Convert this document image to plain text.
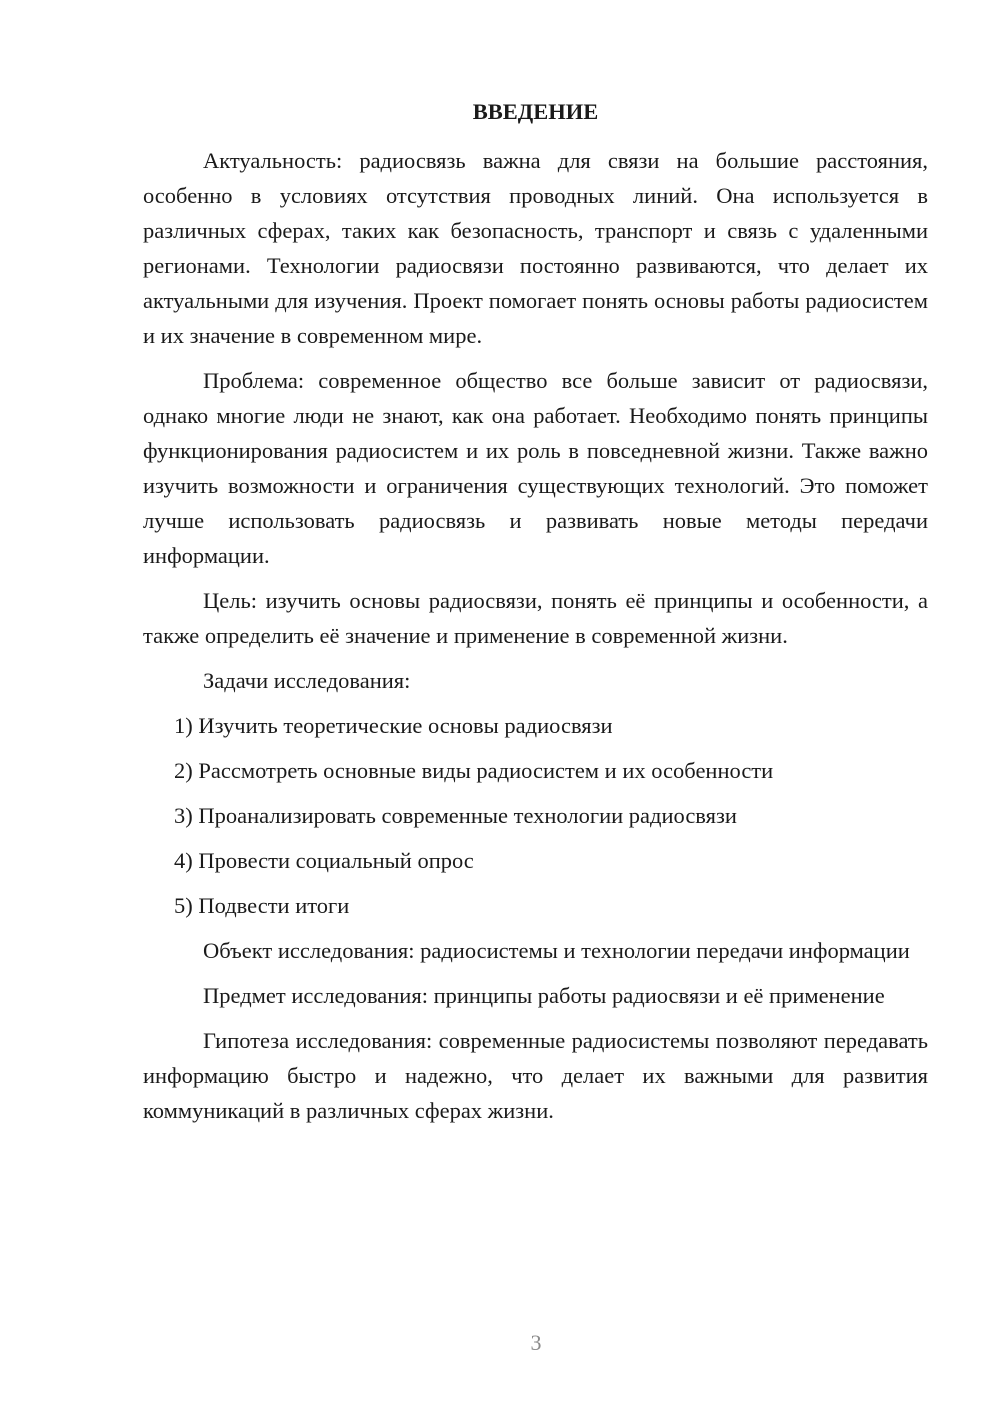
ВВЕДЕНИЕ

Актуальность: радиосвязь важна для связи на большие расстояния, особенно в условиях отсутствия проводных линий. Она используется в различных сферах, таких как безопасность, транспорт и связь с удаленными регионами. Технологии радиосвязи постоянно развиваются, что делает их актуальными для изучения. Проект помогает понять основы работы радиосистем и их значение в современном мире.

Проблема: современное общество все больше зависит от радиосвязи, однако многие люди не знают, как она работает. Необходимо понять принципы функционирования радиосистем и их роль в повседневной жизни. Также важно изучить возможности и ограничения существующих технологий. Это поможет лучше использовать радиосвязь и развивать новые методы передачи информации.

Цель: изучить основы радиосвязи, понять её принципы и особенности, а также определить её значение и применение в современной жизни.

Задачи исследования:

1) Изучить теоретические основы радиосвязи

2) Рассмотреть основные виды радиосистем и их особенности

3) Проанализировать современные технологии радиосвязи

4) Провести социальный опрос

5) Подвести итоги

Объект исследования: радиосистемы и технологии передачи информации

Предмет исследования: принципы работы радиосвязи и её применение

Гипотеза исследования: современные радиосистемы позволяют передавать информацию быстро и надежно, что делает их важными для развития коммуникаций в различных сферах жизни.

3
